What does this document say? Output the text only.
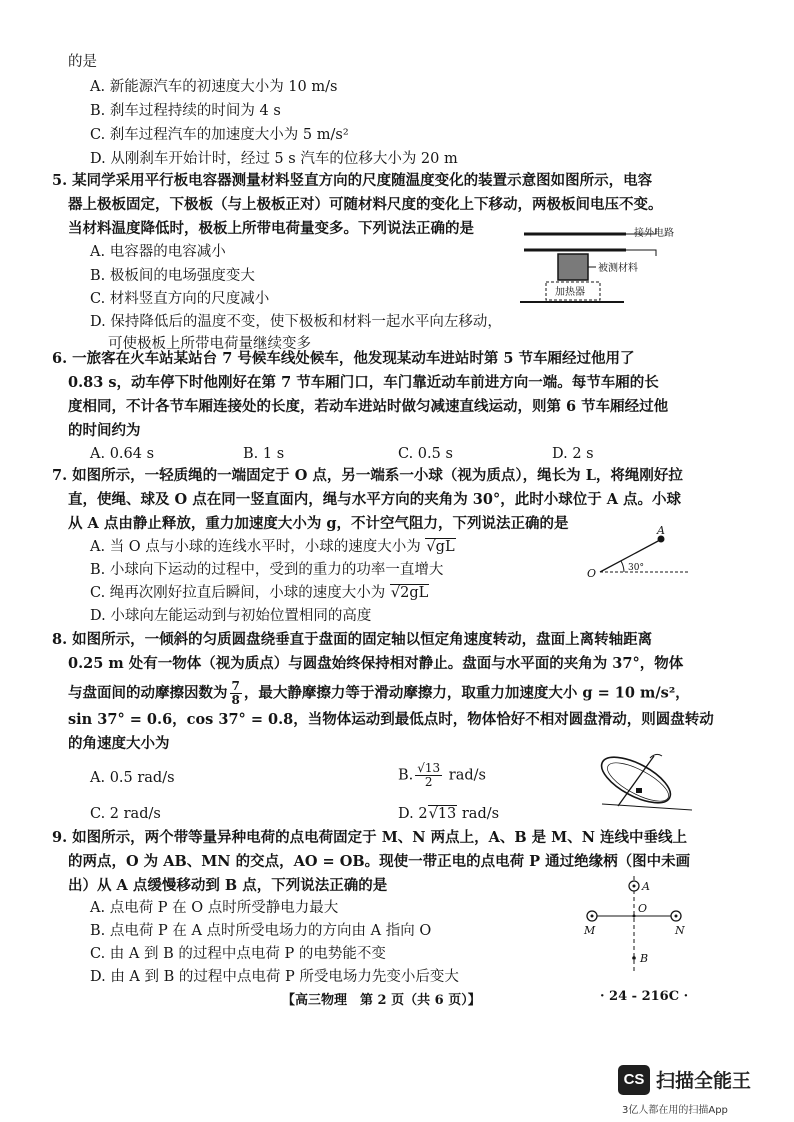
的是
A. 新能源汽车的初速度大小为 10 m/s
B. 刹车过程持续的时间为 4 s
C. 刹车过程汽车的加速度大小为 5 m/s²
D. 从刚刹车开始计时，经过 5 s 汽车的位移大小为 20 m
5. 某同学采用平行板电容器测量材料竖直方向的尺度随温度变化的装置示意图如图所示，电容
器上极板固定，下极板（与上极板正对）可随材料尺度的变化上下移动，两极板间电压不变。
当材料温度降低时，极板上所带电荷量变多。下列说法正确的是
A. 电容器的电容减小
B. 极板间的电场强度变大
C. 材料竖直方向的尺度减小
D. 保持降低后的温度不变，使下极板和材料一起水平向左移动，
可使极板上所带电荷量继续变多
接外电路
被测材料
加热器
6. 一旅客在火车站某站台 7 号候车线处候车，他发现某动车进站时第 5 节车厢经过他用了
0.83 s，动车停下时他刚好在第 7 节车厢门口，车门靠近动车前进方向一端。每节车厢的长
度相同，不计各节车厢连接处的长度，若动车进站时做匀减速直线运动，则第 6 节车厢经过他
的时间约为
A. 0.64 s	B. 1 s	C. 0.5 s	D. 2 s
7. 如图所示，一轻质绳的一端固定于 O 点，另一端系一小球（视为质点），绳长为 L，将绳刚好拉
直，使绳、球及 O 点在同一竖直面内，绳与水平方向的夹角为 30°，此时小球位于 A 点。小球
从 A 点由静止释放，重力加速度大小为 g，不计空气阻力，下列说法正确的是
A. 当 O 点与小球的连线水平时，小球的速度大小为 √gL
B. 小球向下运动的过程中，受到的重力的功率一直增大
C. 绳再次刚好拉直后瞬间，小球的速度大小为 √2gL
D. 小球向左能运动到与初始位置相同的高度
A
O	30°
8. 如图所示，一倾斜的匀质圆盘绕垂直于盘面的固定轴以恒定角速度转动，盘面上离转轴距离
0.25 m 处有一物体（视为质点）与圆盘始终保持相对静止。盘面与水平面的夹角为 37°，物体
与盘面间的动摩擦因数为 $\frac{7}{8}$ ，最大静摩擦力等于滑动摩擦力，取重力加速度大小 g = 10 m/s²，
sin 37° = 0.6，cos 37° = 0.8，当物体运动到最低点时，物体恰好不相对圆盘滑动，则圆盘转动
的角速度大小为
A. 0.5 rad/s	B. $\frac{√13}{2} rad/s$
C. 2 rad/s	D. 2√13 rad/s
9. 如图所示，两个带等量异种电荷的点电荷固定于 M、N 两点上，A、B 是 M、N 连线中垂线上
的两点，O 为 AB、MN 的交点，AO = OB。现使一带正电的点电荷 P 通过绝缘柄（图中未画
出）从 A 点缓慢移动到 B 点，下列说法正确的是
A. 点电荷 P 在 O 点时所受静电力最大
B. 点电荷 P 在 A 点时所受电场力的方向由 A 指向 O
C. 由 A 到 B 的过程中点电荷 P 的电势能不变
D. 由 A 到 B 的过程中点电荷 P 所受电场力先变小后变大
A
B
O
M	N
【高三物理　第 2 页（共 6 页）】	· 24 - 216C ·
CS 扫描全能王
3亿人都在用的扫描App
